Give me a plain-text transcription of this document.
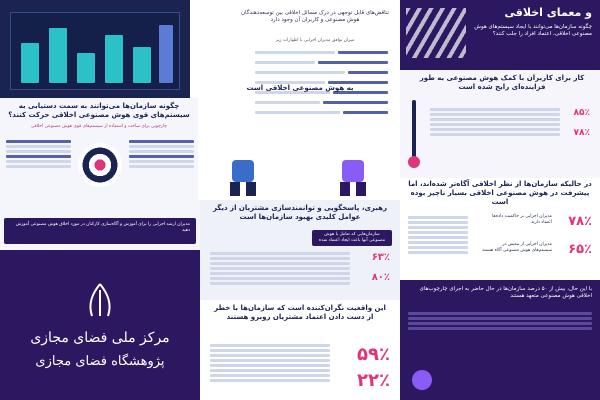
چگونه سازمان‌ها می‌توانند به سمت دستیابی به سیستم‌های قوی هوش مصنوعی اخلاقی حرکت کنند؟
چارچوبی برای ساخت و استفاده از سیستم‌های قوی هوش مصنوعی اخلاقی
مدیران ارشد اجرایی را برای آموزش و آگاه‌سازی کارکنان در مورد اخلاق هوش مصنوعی آموزش دهید
مرکز ملی فضای مجازی
پژوهشگاه فضای مجازی
تناقض‌های قابل توجهی در درک مسائل اخلاقی بین توسعه‌دهندگان هوش مصنوعی و کاربران آن وجود دارد
میزان توافق مدیران اجرایی با اظهارات زیر
به هوش مصنوعی اخلاقی است
رهبری، پاسخگویی و توانمندسازی مشتریان از دیگر عوامل کلیدی بهبود سازمان‌ها است
سازمان‌هایی که تعامل با هوش مصنوعی آنها باعث ایجاد اعتماد شده
۶۳٪
۸۰٪
این واقعیت نگران‌کننده است که سازمان‌ها با خطر از دست دادن اعتماد مشتریان روبرو هستند
۵۹٪
۲۲٪
و معمای اخلاقی
چگونه سازمان‌ها می‌توانند با ایجاد سیستم‌های هوش مصنوعی اخلاقی، اعتماد افراد را جلب کنند؟
کار برای کاربران با کمک هوش مصنوعی به طور فزاینده‌ای رایج شده است
۸۵٪
۷۸٪
در حالیکه سازمان‌ها از نظر اخلاقی آگاه‌تر شده‌اند، اما پیشرفت در هوش مصنوعی اخلاقی بسیار ناچیز بوده است
۷۸٪
مدیران اجرایی بر حاکمیت داده‌ها اعتقاد دارند
۶۵٪
مدیران اجرایی از تبعیض در سیستم‌های هوش مصنوعی آگاه هستند
با این حال، بیش از ۵۰ درصد سازمان‌ها در حال حاضر به اجرای چارچوب‌های اخلاقی هوش مصنوعی متعهد هستند
